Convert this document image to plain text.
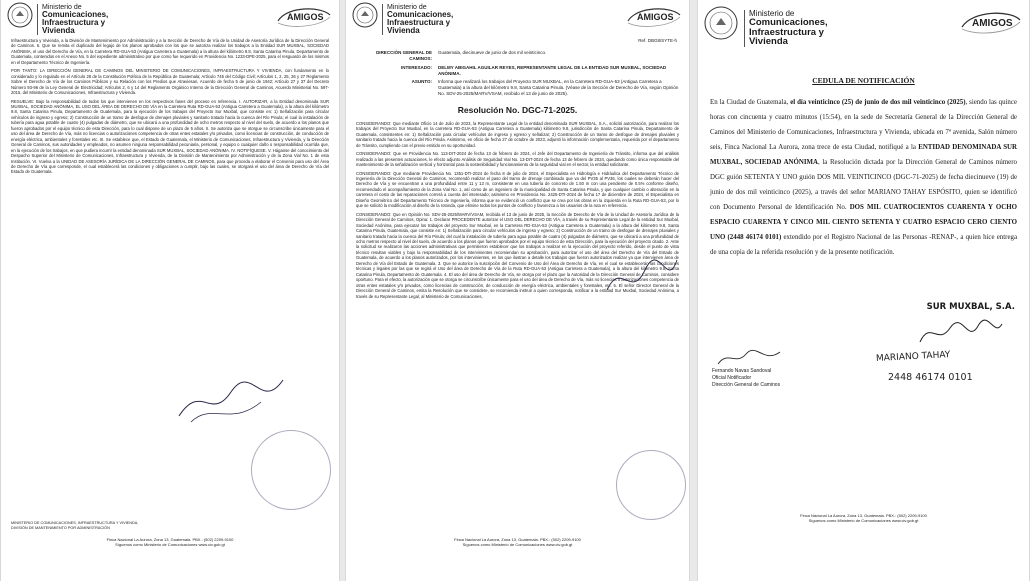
Ministerio de
Comunicaciones,
Infraestructura y
Vivienda
AMIGOS

Infraestructura y Vivienda, a la División de Mantenimiento por Administración y a la Sección de Derecho de Vía de la Unidad de Asesoría Jurídica de la Dirección General de Caminos. 6. Que se remita el duplicado del legajo de los planos aprobados con los que se autoriza realizar los trabajos a la Entidad SUR MUXBAL, SOCIEDAD ANÓNIMA, el uso del Derecho de Vía, en la Carretera RD-GUA-53 (Antigua Carretera a Guatemala) a la altura del kilómetro 9.8, Santa Catarina Pinula, Departamento de Guatemala, contenidos en el Anexo No. 5 del expediente administrativo por que como fue requerido en Providencia No. 1233-DPE-2025, para el resguardo de los mismos en el Departamento Técnico de Ingeniería.

POR TANTO: LA DIRECCIÓN GENERAL DE CAMINOS DEL MINISTERIO DE COMUNICACIONES, INFRAESTRUCTURA Y VIVIENDA, con fundamento en lo considerado y lo regulado en el Artículo 28 de la Constitución Política de la República de Guatemala; Artículo 745 del Código Civil; Artículos 1, 2, 25, 26 y 27 Reglamento Sobre el Derecho de Vía de los Caminos Públicos y su Relación con los Predios que Atraviesan, Acuerdo de fecha 5 de junio de 1942; Artículo 27 y 37 del Decreto Número 93-96 de la Ley General de Electricidad; Artículos 2, 6 y 14 del Reglamento Orgánico Interno de la Dirección General de Caminos, Acuerdo Ministerial No. 597-2015, del Ministerio de Comunicaciones, Infraestructura y Vivienda.

RESUELVE: Bajo la responsabilidad de todos los que intervienen en los respectivos fases del proceso en referencia. I. AUTORIZAR, a la Entidad denominada SUR MUXBAL, SOCIEDAD ANÓNIMA, EL USO DEL ÁREA DE DERECHO DE VÍA en la Carretera Ruta RD-GUA-53 (Antigua Carretera a Guatemala), a la altura del kilómetro 9.8, Santa Catarina Pinula, Departamento de Guatemala, para la ejecución de los trabajos del Proyecto Sur Muxbal, que consiste en: 1) Señalización para circular vehículos de ingreso y egreso; 2) Construcción de un tramo de desfogue de drenajes pluviales y sanitario tratado hacia la cuenca del Río Pinula; el cual la instalación de tubería para agua potable de cuatro (4) pulgadas de diámetro, que se ubicará a una profundidad de ocho metros respecto al nivel del suelo, de acuerdo a los planos que fueron aprobados por el equipo técnico de esta Dirección, para lo cual dispone de un plazo de 5 años. II. Se autoriza que se otorgue se circunscribe únicamente para el uso del área de Derecho de Vía, más no licencias o autorizaciones competencia de otras entes estatales y/o privados, como licencias de construcción, de conducción de energía eléctrica, ambientales y forestales etc. III. Se establece que, el Estado de Guatemala, el Ministerio de Comunicaciones, Infraestructura y Vivienda, y la Dirección General de Caminos, sus autoridades y empleados, no asumen ninguna responsabilidad pecuniaria, personal, y equipo o cualquier daño o responsabilidad ocurrida que, en la ejecución de los trabajos, en que pudiera incurrir la entidad denominada SUR MUXBAL, SOCIEDAD ANÓNIMA. IV. NOTIFÍQUESE. V. Háganse del conocimiento del Despacho Superior del Ministerio de Comunicaciones, Infraestructura y Vivienda, de la División de Mantenimiento por Administración y de la Zona Vial No. 1 de esta Institución. VI. Vuelva a la UNIDAD DE ASESORÍA JURÍDICA DE LA DIRECCIÓN GENERAL DE CAMINOS, para que proceda a elaborar el Convenio para uso del Área de Derecho de Vía que corresponde, el cual establecerá las condiciones y obligaciones a cumplir, bajo las cuales, se otorgará el uso del área de Derecho de Vía del Estado de Guatemala.

MINISTERIO DE COMUNICACIONES, INFRAESTRUCTURA Y VIVIENDA,
DIVISIÓN DE MANTENIMIENTO POR ADMINISTRACIÓN
Finca Nacional La Aurora, Zona 13, Guatemala. PBX.: (502) 2209-9100
Síguenos como Ministerio de Comunicaciones www.civ.gob.gt
Ministerio de
Comunicaciones,
Infraestructura y
Vivienda
AMIGOS
Ref. DBG8/SYTE-h
DIRECCIÓN GENERAL DE CAMINOS:
Guatemala, diecinueve de junio de dos mil veinticinco.
INTERESADO:	DELMY ABIGAHIL AGUILAR REYES, REPRESENTANTE LEGAL DE LA ENTIDAD SUR MUXBAL, SOCIEDAD ANÓNIMA.
ASUNTO:	Informa que realizará los trabajos del Proyecto SUR MUXBAL, en la Carretera RD-GUA-53 (Antigua Carretera a Guatemala) a la altura del kilómetro 9.8, Santa Catarina Pinula. (Véase de la Sección de Derecho de Vía, según Opinión No. SDV-25-2025/MARV/VSAM, recibido el 13 de junio de 2025).
Resolución No. DGC-71-2025.

CONSIDERANDO: Que mediante Oficio 14 de Julio de 2023, la Representante Legal de la entidad denominada SUR MUXBAL, S.A., solicitó autorización, para realizar los trabajos del Proyecto Sur Muxbal, en la carretera RD-GUA-53 (Antigua Carretera a Guatemala) kilómetro 9.8, jurisdicción de Santa Catarina Pinula, Departamento de Guatemala, consistentes en: 1) Señalización para circular vehículos de ingreso y egreso y señalizar; 2) Construcción de un tramo de desfogue de drenajes pluviales y sanitario tratado hacia la cuenca del Río Pinula. Asimismo, en oficio de fecha 27 de octubre de 2023, adjuntó la información complementaria, requerida por el departamento de Tránsito, cumpliendo con el previo emitido en su oportunidad.

CONSIDERANDO: Que en Providencia No. 113-DIT-2024 de fecha 13 de febrero de 2024, el Jefe del Departamento de Ingeniería de Tránsito, informa que del análisis realizado a las presentes actuaciones, le efecto adjunto Análisis de Seguridad Vial No. 13-DIT-2024 de fecha 13 de febrero de 2024, quedando como única responsable del mantenimiento de la señalización vertical y horizontal para la sostenibilidad y funcionamiento de la seguridad vial en el sector, la entidad solicitante.

CONSIDERANDO: Que mediante Providencia No. 1351-DTI-2024 de fecha 8 de julio de 2024, el Especialista en Hidrología e Hidráulica del Departamento Técnico de Ingeniería de la Dirección General de Caminos, recomendó realizar el paso del tramo de drenaje combinado que va del PV35 al PV36, los cuales se deberán hacer del Derecho de Vía y se encuentran a una profundidad entre 11 y 13 m, consistente en una tubería de concreto de 1.50 m con una pendiente de 0.5% conforme diseño, recomendado el acompañamiento de la Zona Vial No. 1, así como de un ingeniero de la municipalidad de Santa Catarina Pinula, y que cualquier cambio o alteración en la carretera el costo de las reparaciones correrá a cuenta del interesado; asimismo en Providencia No. 2425-DTI-2024 de fecha 17 de diciembre de 2024, el Especialista en Diseño Geométrico del Departamento Técnico de Ingeniería, informa que se evidenció un conflicto que se crea por las obras en la izquierda en la Ruta RD-GUA-53, por lo que se solicitó la modificación al diseño de la rotonda, que elimine todos los puntos de conflicto y favorezca a los usuarios de la ruta en referencia.

CONSIDERANDO: Que en Opinión No. SDV-25-2025/MARV/VSAM, recibida el 13 de junio de 2025, la Sección de Derecho de Vía de la Unidad de Asesoría Jurídica de la Dirección General de Caminos, Opina: 1. Declarar PROCEDENTE autorizar el USO DEL DERECHO DE VÍA, a través de su Representante Legal de la entidad Sur Muxbal, Sociedad Anónima, para ejecutar los trabajos del proyecto Sur Muxbal, en la Carretera RD-GUA-53 (Antigua Carretera a Guatemala) a la altura del kilómetro 9.8, Santa Catarina Pinula, Guatemala, que consiste en: 1) Señalización para circular vehículos de ingreso y egreso; 2) Construcción de un tramo de desfogue de drenajes pluviales y sanitario tratado hacia la cuenca del Río Pinula; del cual la instalación de tubería para agua potable de cuatro (4) pulgadas de diámetro, que se ubicará a una profundidad de ocho metros respecto al nivel del suelo, de acuerdo a los planos que fueron aprobados por el equipo técnico de esta Dirección, para la ejecución del proyecto citado. 2. Ante la solicitud se realizaron las acciones administrativas que permitieron establecer que los trabajos a realizar en la ejecución del proyecto referido, desde el punto de vista técnico resultan viables y bajo la responsabilidad de los intervinientes recomiendan su aprobación, para autorizar el uso del área del Derecho de Vía del Estado de Guatemala, de acuerdo a los planos autorizados, por los intervinientes, en los que ilustran a detalle los trabajos que fueron autorizados realizar ya que intervienen área de Derecho de Vía del Estado de Guatemala. 3. Que se autorice la suscripción del Convenio de Uso del Área de Derecho de Vía, en el cual se establecerán las condiciones técnicas y legales por las que se regirá el Uso del área de Derecho de Vía de la Ruta RD-GUA-53 (Antigua Carretera a Guatemala), a la altura del kilómetro 9.8, Santa Catarina Pinula, Departamento de Guatemala. 4. El uso del área de Derecho de Vía, se otorga por el plazo que la Autoridad de la Dirección General de Caminos, considere oportuno. Para el efecto, la autorización que se otorga se circunscribe únicamente para el uso del área de Derecho de Vía, más no licencias o autorizaciones competencia de otras entes estatales y/o privados, como licencias de construcción, de conducción de energía eléctrica, ambientales y forestales, etc. 5. El señor Director General de la Dirección General de Caminos, emita la Resolución que se considere, se recomienda instruir a quien corresponda, notificar a la entidad Sur Muxbal, Sociedad Anónima, a través de su Representante Legal, al Ministerio de Comunicaciones,

Finca Nacional La Aurora, Zona 13, Guatemala. PBX.: (502) 2209-9100
Síguenos como Ministerio de Comunicaciones www.civ.gob.gt
Ministerio de
Comunicaciones,
Infraestructura y
Vivienda
AMIGOS
CEDULA DE NOTIFICACIÓN
En la Ciudad de Guatemala, el día veinticinco (25) de junio de dos mil veinticinco (2025), siendo las quince horas con cincuenta y cuatro minutos (15:54), en la sede de Secretaría General de la Dirección General de Caminos del Ministerio de Comunicaciones, Infraestructura y Vivienda, ubicada en 7ª avenida, Salón número seis, Finca Nacional La Aurora, zona trece de esta Ciudad, notifiqué a la ENTIDAD DENOMINADA SUR MUXBAL, SOCIEDAD ANÓNIMA, la Resolución dictada por la Dirección General de Caminos número DGC guión SETENTA Y UNO guión DOS MIL VEINTICINCO (DGC-71-2025) de fecha diecinueve (19) de junio de dos mil veinticinco (2025), a través del señor MARIANO TAHAY ESPÓSITO, quien se identificó con Documento Personal de Identificación No. DOS MIL CUATROCIENTOS CUARENTA Y OCHO ESPACIO CUARENTA Y CINCO MIL CIENTO SETENTA Y CUATRO ESPACIO CERO CIENTO UNO (2448 46174 0101) extendido por el Registro Nacional de las Personas -RENAP-, a quien hice entrega de una copia de la referida resolución y de la presente notificación.
SUR MUXBAL, S.A.
MARIANO TAHAY
2448 46174 0101
Fernando Navas Sandoval
Oficial Notificador
Dirección General de Caminos
Finca Nacional La Aurora, Zona 13, Guatemala. PBX.: (502) 2209-9100
Síguenos como Ministerio de Comunicaciones www.civ.gob.gt
